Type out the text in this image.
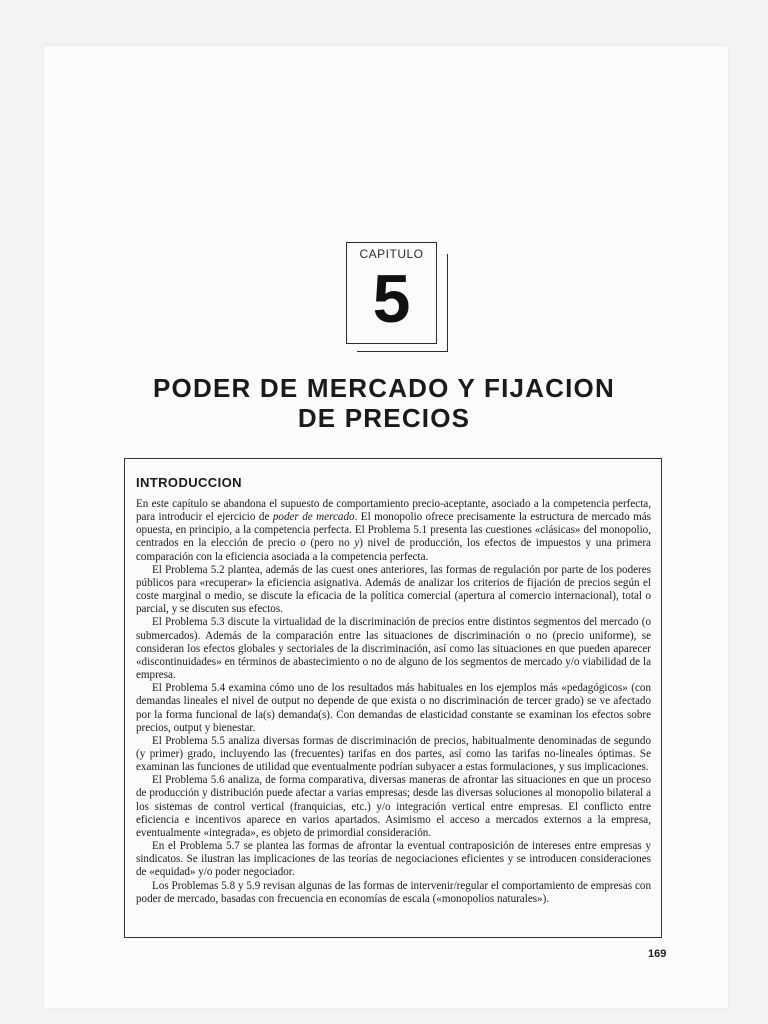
CAPITULO
5
PODER DE MERCADO Y FIJACION
DE PRECIOS
INTRODUCCION

En este capítulo se abandona el supuesto de comportamiento precio-aceptante, asociado a la competencia perfecta, para introducir el ejercicio de poder de mercado. El monopolio ofrece precisamente la estructura de mercado más opuesta, en principio, a la competencia perfecta. El Problema 5.1 presenta las cuestiones «clásicas» del monopolio, centrados en la elección de precio o (pero no y) nivel de producción, los efectos de impuestos y una primera comparación con la eficiencia asociada a la competencia perfecta.

El Problema 5.2 plantea, además de las cuest ones anteriores, las formas de regulación por parte de los poderes públicos para «recuperar» la eficiencia asignativa. Además de analizar los criterios de fijación de precios según el coste marginal o medio, se discute la eficacia de la política comercial (apertura al comercio internacional), total o parcial, y se discuten sus efectos.

El Problema 5.3 discute la virtualidad de la discriminación de precios entre distintos segmentos del mercado (o submercados). Además de la comparación entre las situaciones de discriminación o no (precio uniforme), se consideran los efectos globales y sectoriales de la discriminación, así como las situaciones en que pueden aparecer «discontinuidades» en términos de abastecimiento o no de alguno de los segmentos de mercado y/o viabilidad de la empresa.

El Problema 5.4 examina cómo uno de los resultados más habituales en los ejemplos más «pedagógicos» (con demandas lineales el nivel de output no depende de que exista o no discriminación de tercer grado) se ve afectado por la forma funcional de la(s) demanda(s). Con demandas de elasticidad constante se examinan los efectos sobre precios, output y bienestar.

El Problema 5.5 analiza diversas formas de discriminación de precios, habitualmente denominadas de segundo (y primer) grado, incluyendo las (frecuentes) tarifas en dos partes, así como las tarifas no-lineales óptimas. Se examinan las funciones de utilidad que eventualmente podrían subyacer a estas formulaciones, y sus implicaciones.

El Problema 5.6 analiza, de forma comparativa, diversas maneras de afrontar las situaciones en que un proceso de producción y distribución puede afectar a varias empresas; desde las diversas soluciones al monopolio bilateral a los sistemas de control vertical (franquicias, etc.) y/o integración vertical entre empresas. El conflicto entre eficiencia e incentivos aparece en varios apartados. Asimismo el acceso a mercados externos a la empresa, eventualmente «integrada», es objeto de primordial consideración.

En el Problema 5.7 se plantea las formas de afrontar la eventual contraposición de intereses entre empresas y sindicatos. Se ilustran las implicaciones de las teorías de negociaciones eficientes y se introducen consideraciones de «equidad» y/o poder negociador.

Los Problemas 5.8 y 5.9 revisan algunas de las formas de intervenir/regular el comportamiento de empresas con poder de mercado, basadas con frecuencia en economías de escala («monopolios naturales»).

169
